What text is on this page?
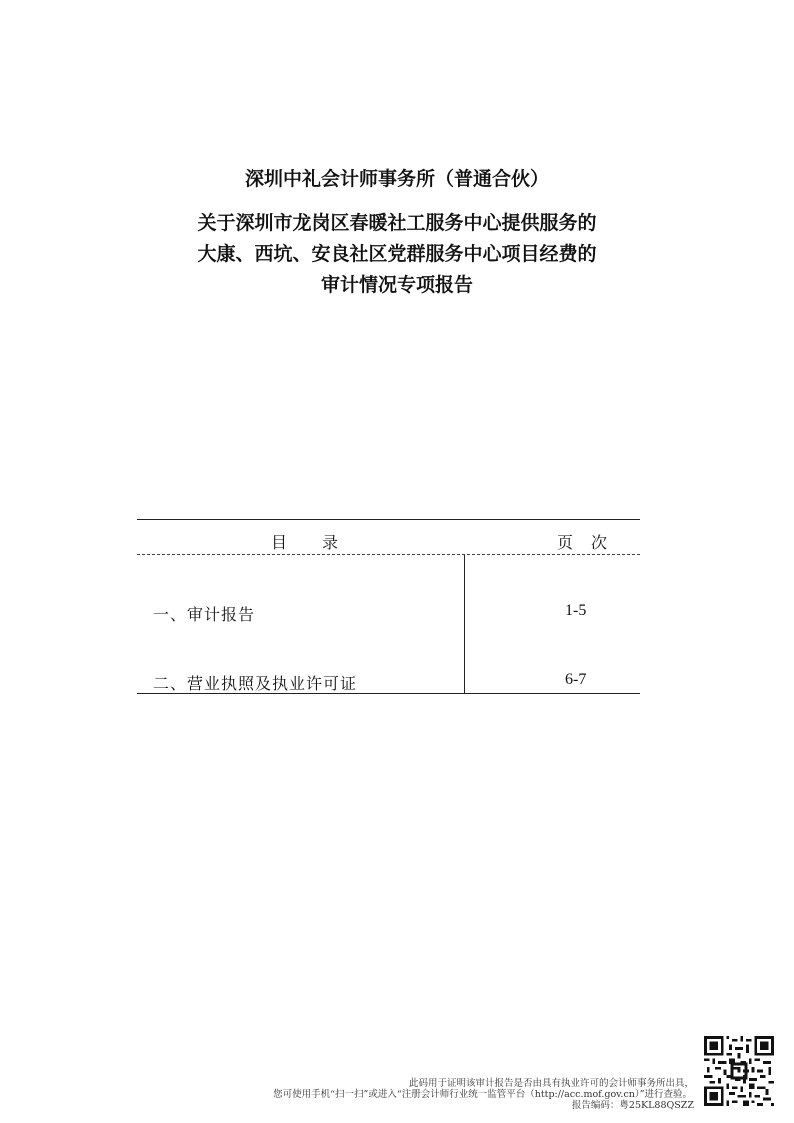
深圳中礼会计师事务所（普通合伙）
关于深圳市龙岗区春暖社工服务中心提供服务的
大康、西坑、安良社区党群服务中心项目经费的
审计情况专项报告
目　　录	页　次
一、审计报告	1-5
二、营业执照及执业许可证	6-7
此码用于证明该审计报告是否由具有执业许可的会计师事务所出具，
您可使用手机“扫一扫”或进入“注册会计师行业统一监管平台（http://acc.mof.gov.cn）”进行查验。
报告编码：粤25KL88QSZZ
